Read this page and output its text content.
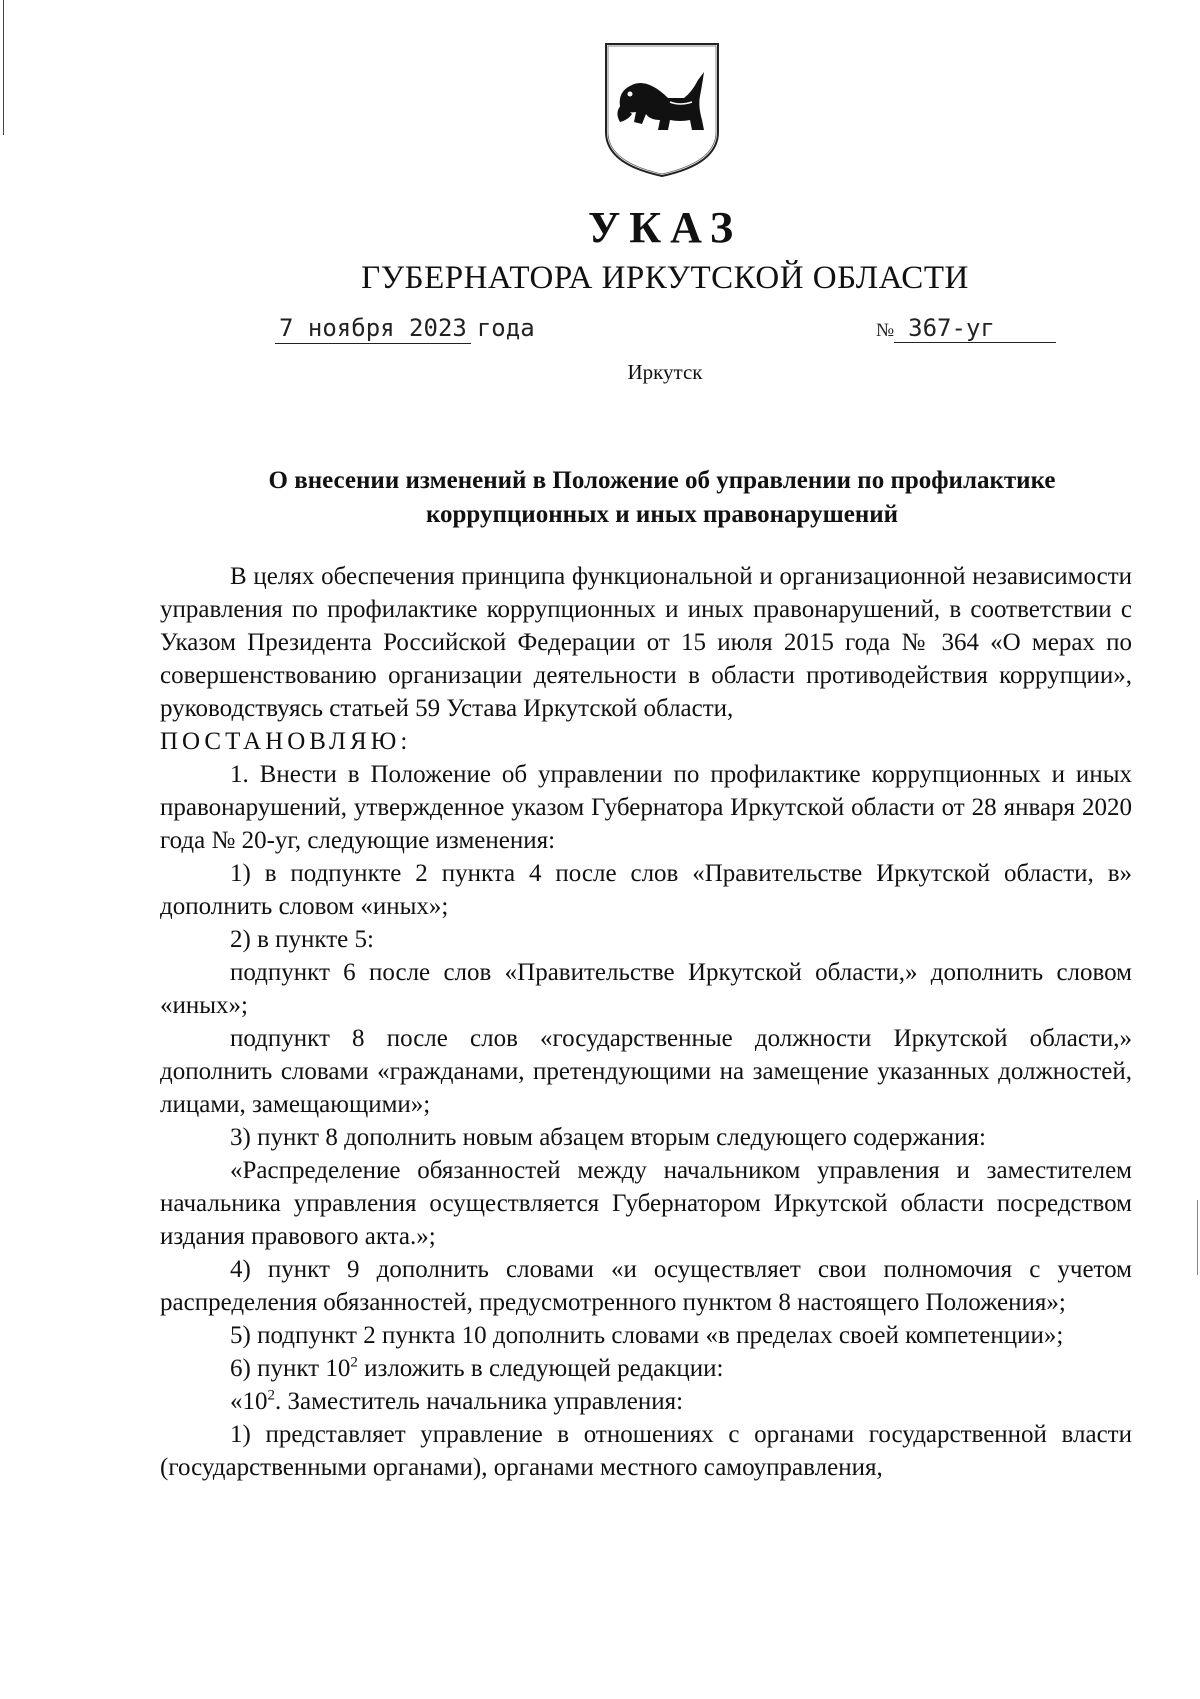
УКАЗ
ГУБЕРНАТОРА ИРКУТСКОЙ ОБЛАСТИ
7 ноября 2023 года	№ 367-уг
Иркутск
О внесении изменений в Положение об управлении по профилактике
коррупционных и иных правонарушений

В целях обеспечения принципа функциональной и организационной независимости управления по профилактике коррупционных и иных правонарушений, в соответствии с Указом Президента Российской Федерации от 15 июля 2015 года № 364 «О мерах по совершенствованию организации деятельности в области противодействия коррупции», руководствуясь статьей 59 Устава Иркутской области,

ПОСТАНОВЛЯЮ:

1. Внести в Положение об управлении по профилактике коррупционных и иных правонарушений, утвержденное указом Губернатора Иркутской области от 28 января 2020 года № 20-уг, следующие изменения:

1) в подпункте 2 пункта 4 после слов «Правительстве Иркутской области, в» дополнить словом «иных»;

2) в пункте 5:

подпункт 6 после слов «Правительстве Иркутской области,» дополнить словом «иных»;

подпункт 8 после слов «государственные должности Иркутской области,» дополнить словами «гражданами, претендующими на замещение указанных должностей, лицами, замещающими»;

3) пункт 8 дополнить новым абзацем вторым следующего содержания:

«Распределение обязанностей между начальником управления и заместителем начальника управления осуществляется Губернатором Иркутской области посредством издания правового акта.»;

4) пункт 9 дополнить словами «и осуществляет свои полномочия с учетом распределения обязанностей, предусмотренного пунктом 8 настоящего Положения»;

5) подпункт 2 пункта 10 дополнить словами «в пределах своей компетенции»;

6) пункт $10^2$ изложить в следующей редакции:

«$10^2$. Заместитель начальника управления:

1) представляет управление в отношениях с органами государственной власти (государственными органами), органами местного самоуправления,
